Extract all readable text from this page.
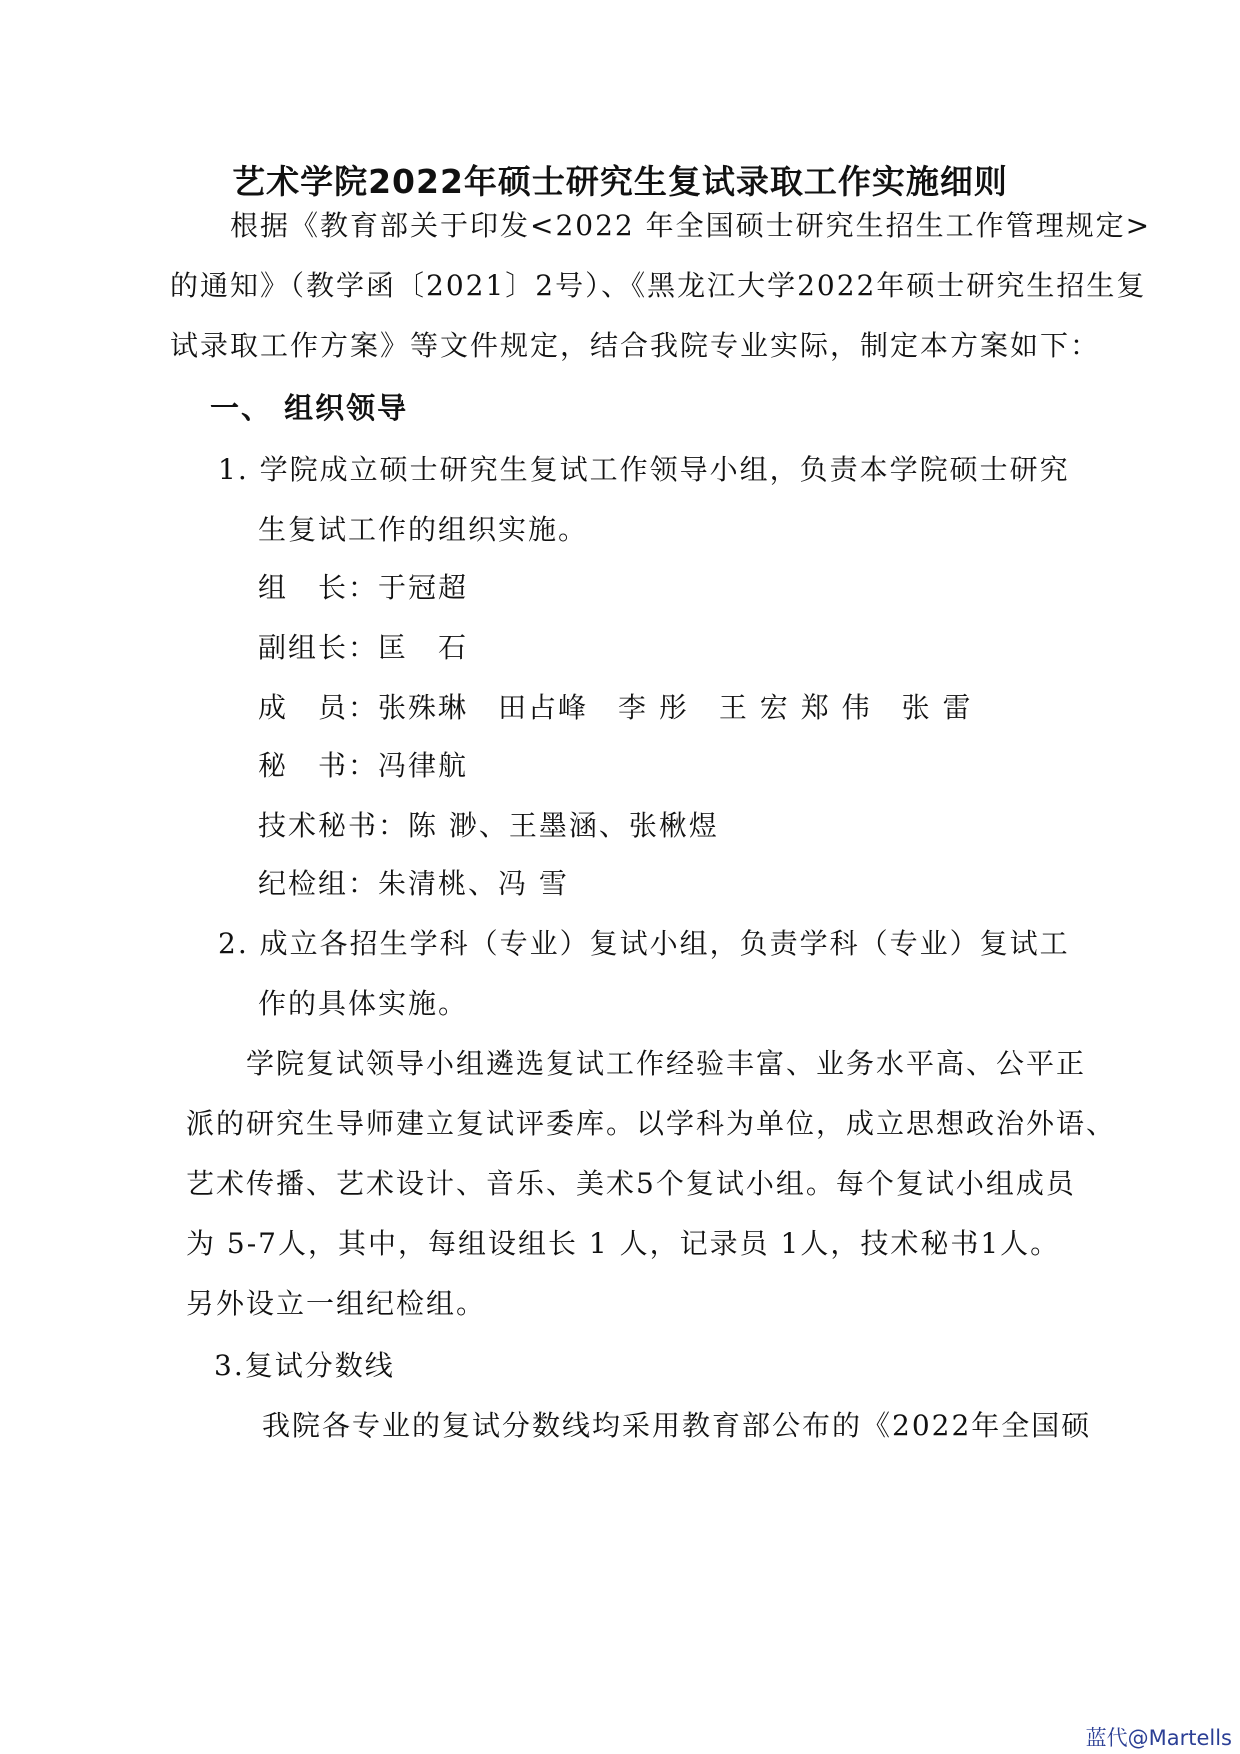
艺术学院2022年硕士研究生复试录取工作实施细则
根据《教育部关于印发<2022 年全国硕士研究生招生工作管理规定>
的通知》（教学函〔2021〕2号）、《黑龙江大学2022年硕士研究生招生复
试录取工作方案》等文件规定，结合我院专业实际，制定本方案如下：
一、 组织领导
1. 学院成立硕士研究生复试工作领导小组，负责本学院硕士研究
生复试工作的组织实施。
组　长：于冠超
副组长：匡　石
成　员：张殊琳　田占峰　李 彤　王 宏 郑 伟　张 雷
秘　书：冯律航
技术秘书：陈 渺、王墨涵、张楸煜
纪检组：朱清桃、冯 雪
2. 成立各招生学科（专业）复试小组，负责学科（专业）复试工
作的具体实施。
学院复试领导小组遴选复试工作经验丰富、业务水平高、公平正
派的研究生导师建立复试评委库。以学科为单位，成立思想政治外语、
艺术传播、艺术设计、音乐、美术5个复试小组。每个复试小组成员
为 5-7人，其中，每组设组长 1 人，记录员 1人，技术秘书1人。
另外设立一组纪检组。
3.复试分数线
我院各专业的复试分数线均采用教育部公布的《2022年全国硕
蓝代@Martells
